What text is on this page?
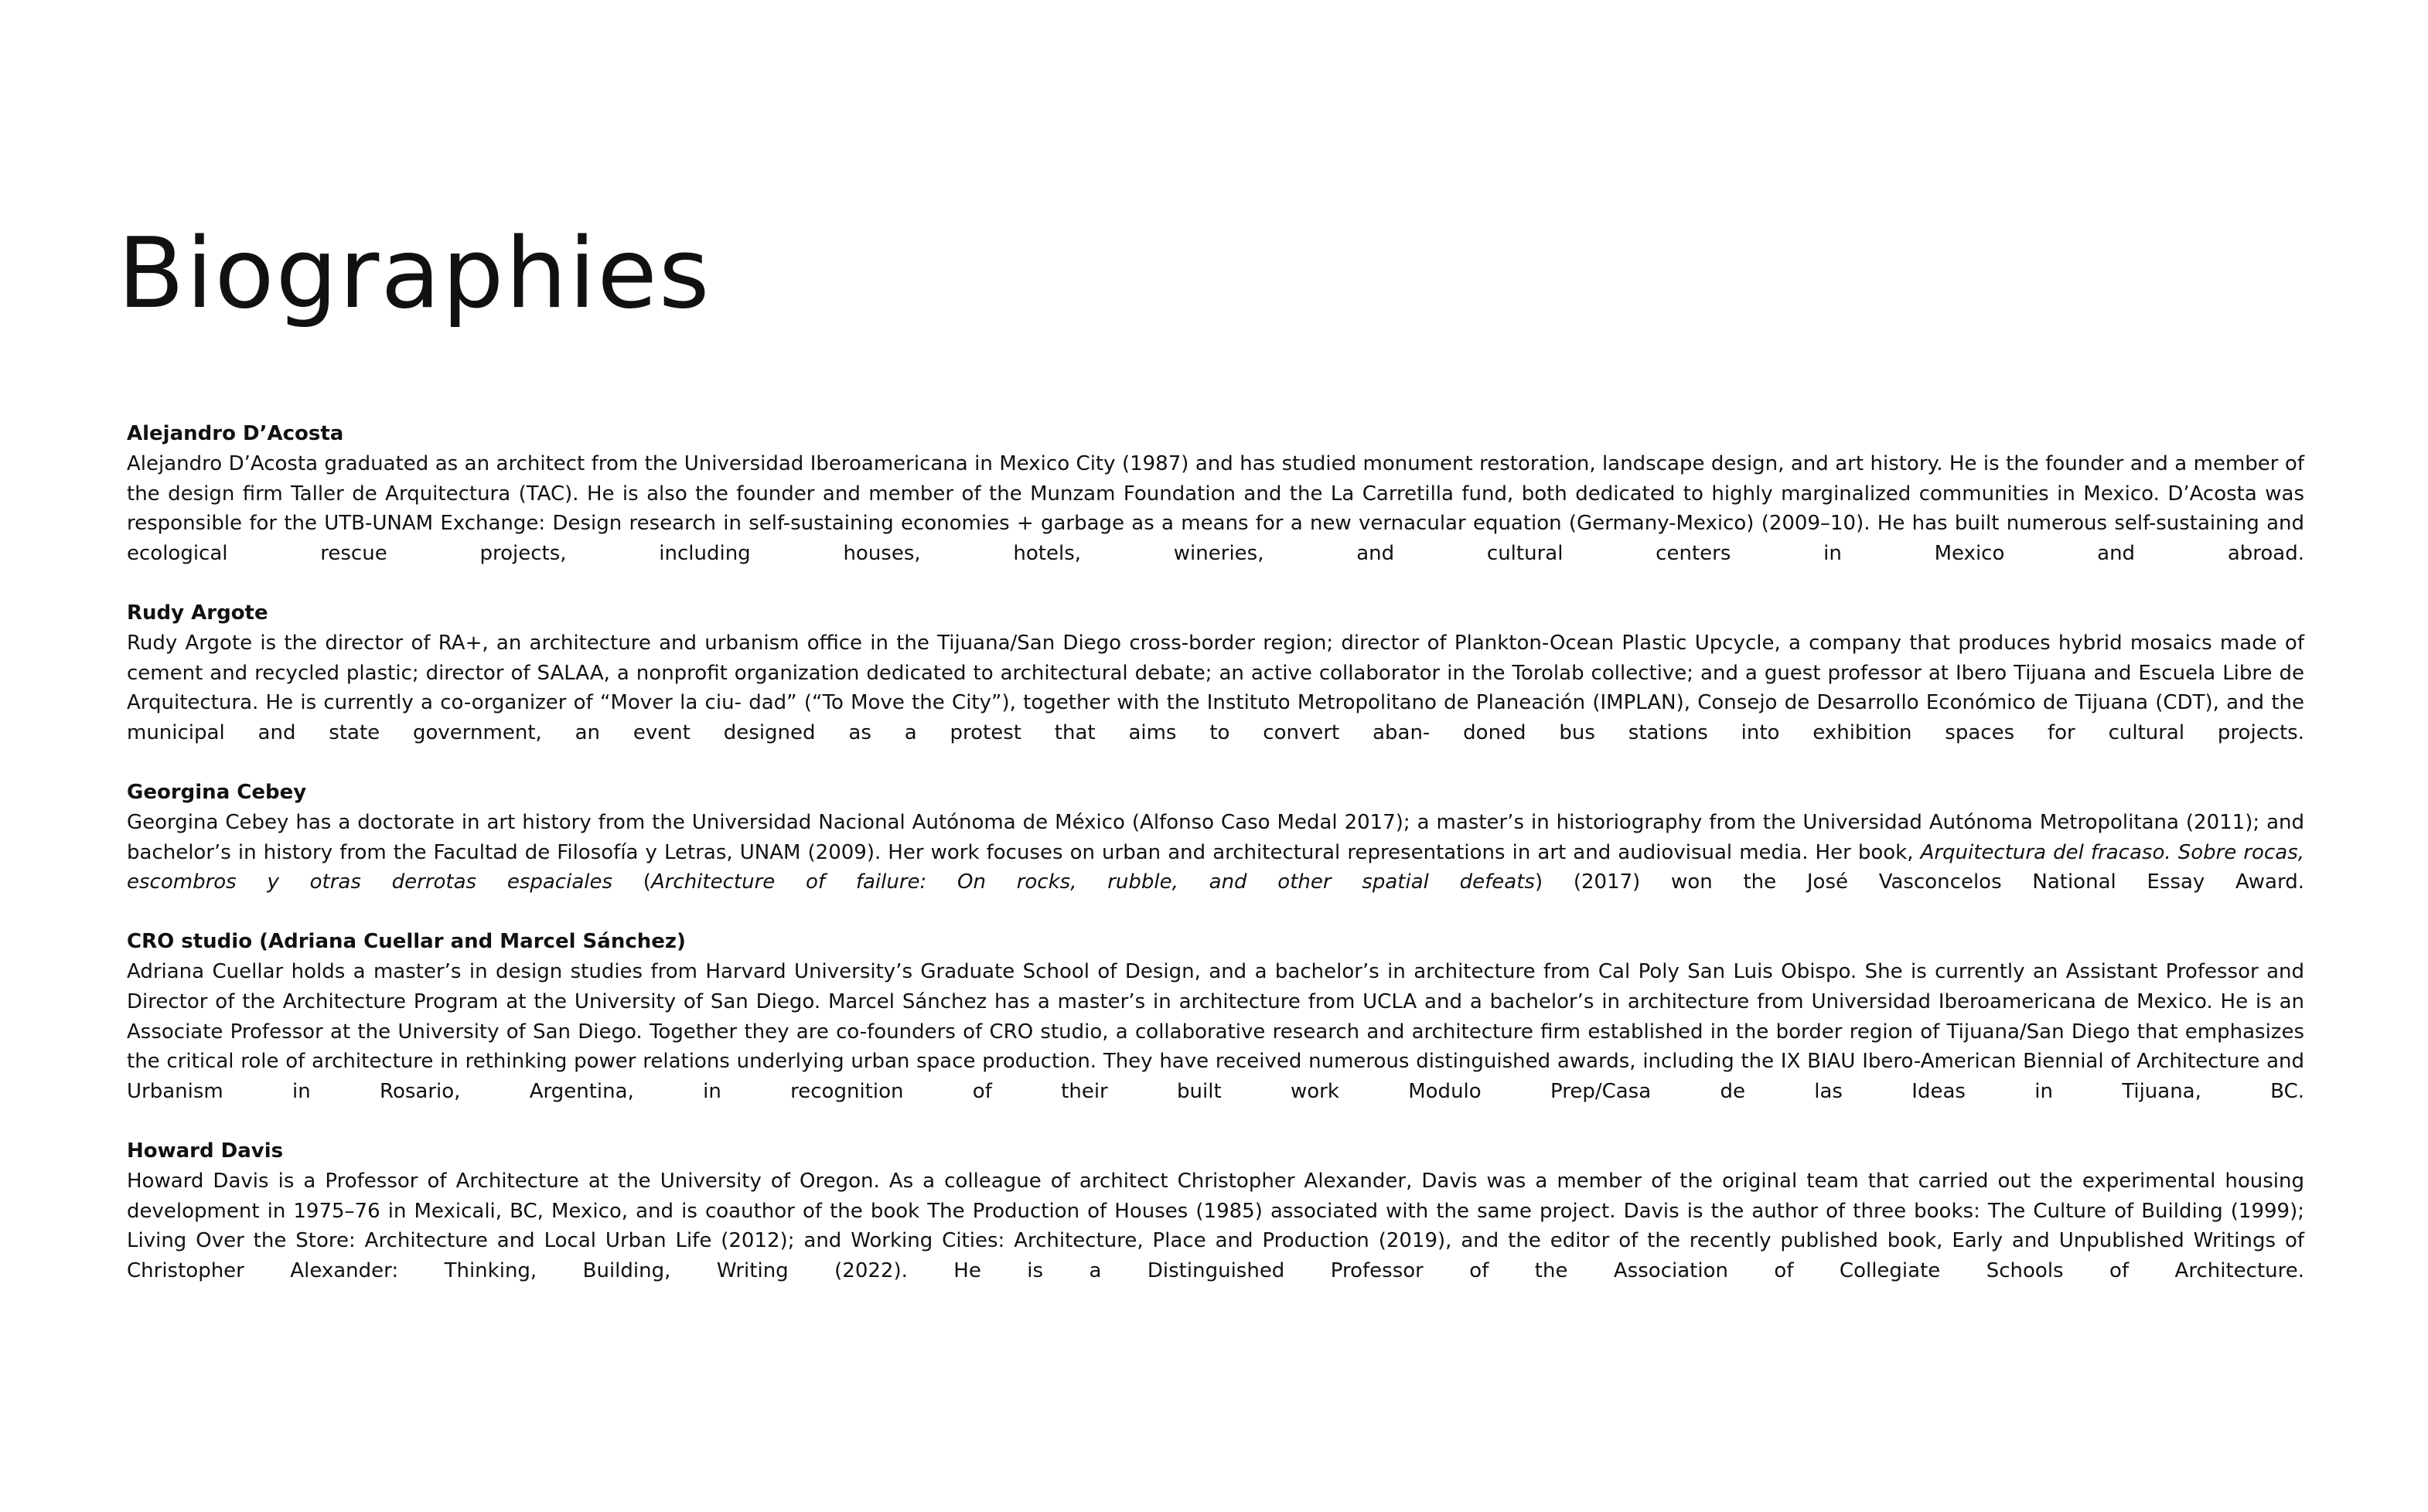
Biographies

Alejandro D’Acosta

Alejandro D’Acosta graduated as an architect from the Universidad Iberoamericana in Mexico City (1987) and has studied monument restoration, landscape design, and art history. He is the founder and a member of the design firm Taller de Arquitectura (TAC). He is also the founder and member of the Munzam Foundation and the La Carretilla fund, both dedicated to highly marginalized communities in Mexico. D’Acosta was responsible for the UTB-UNAM Exchange: Design research in self-sustaining economies + garbage as a means for a new vernacular equation (Germany-Mexico) (2009–10). He has built numerous self-sustaining and ecological rescue projects, including houses, hotels, wineries, and cultural centers in Mexico and abroad.

Rudy Argote

Rudy Argote is the director of RA+, an architecture and urbanism office in the Tijuana/San Diego cross-border region; director of Plankton-Ocean Plastic Upcycle, a company that produces hybrid mosaics made of cement and recycled plastic; director of SALAA, a nonprofit organization dedicated to architectural debate; an active collaborator in the Torolab collective; and a guest professor at Ibero Tijuana and Escuela Libre de Arquitectura. He is currently a co-organizer of “Mover la ciu- dad” (“To Move the City”), together with the Instituto Metropolitano de Planeación (IMPLAN), Consejo de Desarrollo Económico de Tijuana (CDT), and the municipal and state government, an event designed as a protest that aims to convert aban- doned bus stations into exhibition spaces for cultural projects.

Georgina Cebey

Georgina Cebey has a doctorate in art history from the Universidad Nacional Autónoma de México (Alfonso Caso Medal 2017); a master’s in historiography from the Universidad Autónoma Metropolitana (2011); and bachelor’s in history from the Facultad de Filosofía y Letras, UNAM (2009). Her work focuses on urban and architectural representations in art and audiovisual media. Her book, Arquitectura del fracaso. Sobre rocas, escombros y otras derrotas espaciales (Architecture of failure: On rocks, rubble, and other spatial defeats) (2017) won the José Vasconcelos National Essay Award.

CRO studio (Adriana Cuellar and Marcel Sánchez)

Adriana Cuellar holds a master’s in design studies from Harvard University’s Graduate School of Design, and a bachelor’s in architecture from Cal Poly San Luis Obispo. She is currently an Assistant Professor and Director of the Architecture Program at the University of San Diego. Marcel Sánchez has a master’s in architecture from UCLA and a bachelor’s in architecture from Universidad Iberoamericana de Mexico. He is an Associate Professor at the University of San Diego. Together they are co-founders of CRO studio, a collaborative research and architecture firm established in the border region of Tijuana/San Diego that emphasizes the critical role of architecture in rethinking power relations underlying urban space production. They have received numerous distinguished awards, including the IX BIAU Ibero-American Biennial of Architecture and Urbanism in Rosario, Argentina, in recognition of their built work Modulo Prep/Casa de las Ideas in Tijuana, BC.

Howard Davis

Howard Davis is a Professor of Architecture at the University of Oregon. As a colleague of architect Christopher Alexander, Davis was a member of the original team that carried out the experimental housing development in 1975–76 in Mexicali, BC, Mexico, and is coauthor of the book The Production of Houses (1985) associated with the same project. Davis is the author of three books: The Culture of Building (1999); Living Over the Store: Architecture and Local Urban Life (2012); and Working Cities: Architecture, Place and Production (2019), and the editor of the recently published book, Early and Unpublished Writings of Christopher Alexander: Thinking, Building, Writing (2022). He is a Distinguished Professor of the Association of Collegiate Schools of Architecture.
